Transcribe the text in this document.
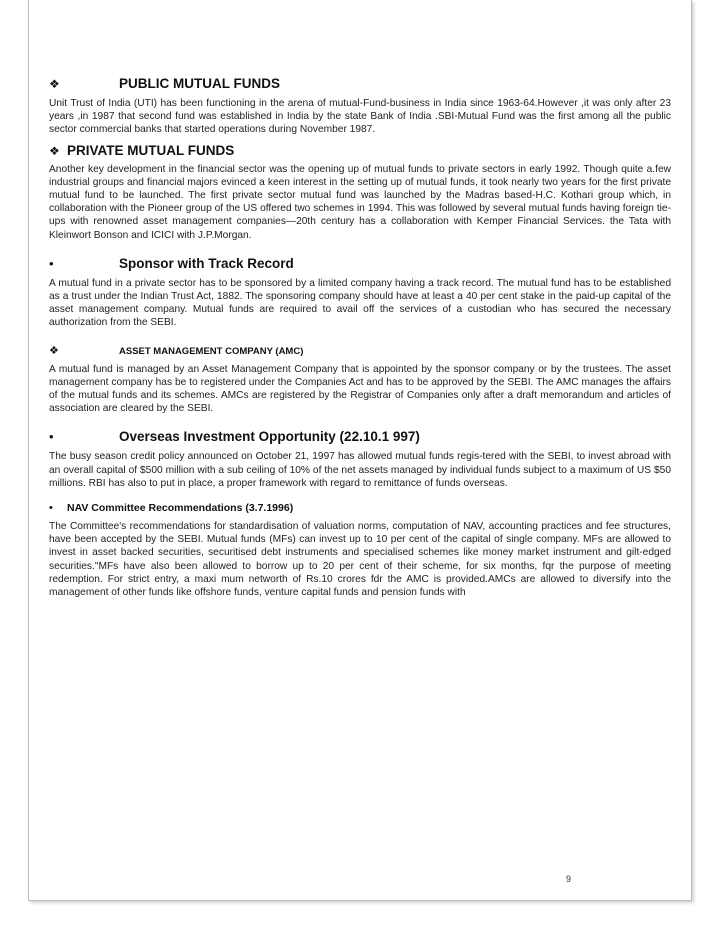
❖	PUBLIC MUTUAL FUNDS

Unit Trust of India (UTI) has been functioning in the arena of mutual-Fund-business in India since 1963-64.However ,it was only after 23 years ,in 1987 that second fund was established in India by the state Bank of India .SBI-Mutual Fund was the first among all the public sector commercial banks that started operations during November 1987.

❖ PRIVATE MUTUAL FUNDS

Another key development in the financial sector was the opening up of mutual funds to private sectors in early 1992. Though quite a.few industrial groups and financial majors evinced a keen interest in the setting up of mutual funds, it took nearly two years for the first private mutual fund to be launched. The first private sector mutual fund was launched by the Madras based-H.C. Kothari group which, in collaboration with the Pioneer group of the US offered two schemes in 1994. This was followed by several mutual funds having foreign tie-ups with renowned asset management companies—20th century has a collaboration with Kemper Financial Services. the Tata with Kleinwort Bonson and ICICI with J.P.Morgan.

•	Sponsor with Track Record

A mutual fund in a private sector has to be sponsored by a limited company having a track record. The mutual fund has to be established as a trust under the Indian Trust Act, 1882. The sponsoring company should have at least a 40 per cent stake in the paid-up capital of the asset management company. Mutual funds are required to avail off the services of a custodian who has secured the necessary authorization from the SEBI.

❖	ASSET MANAGEMENT COMPANY (AMC)

A mutual fund is managed by an Asset Management Company that is appointed by the sponsor company or by the trustees. The asset management company has be to registered under the Companies Act and has to be approved by the SEBI. The AMC manages the affairs of the mutual funds and its schemes. AMCs are registered by the Registrar of Companies only after a draft memorandum and articles of association are cleared by the SEBI.

•	Overseas Investment Opportunity (22.10.1 997)

The busy season credit policy announced on October 21, 1997 has allowed mutual funds regis-tered with the SEBI, to invest abroad with an overall capital of $500 million with a sub ceiling of 10% of the net assets managed by individual funds subject to a maximum of US $50 millions. RBI has also to put in place, a proper framework with regard to remittance of funds overseas.

•	NAV Committee Recommendations (3.7.1996)

The Committee's recommendations for standardisation of valuation norms, computation of NAV, accounting practices and fee structures, have been accepted by the SEBI. Mutual funds (MFs) can invest up to 10 per cent of the capital of single company. MFs are allowed to invest in asset backed securities, securitised debt instruments and specialised schemes like money market instrument and gilt-edged securities."MFs have also been allowed to borrow up to 20 per cent of their scheme, for six months, fqr the purpose of meeting redemption. For strict entry, a maxi mum networth of Rs.10 crores fdr the AMC is provided.AMCs are allowed to diversify into the management of other funds like offshore funds, venture capital funds and pension funds with

9
